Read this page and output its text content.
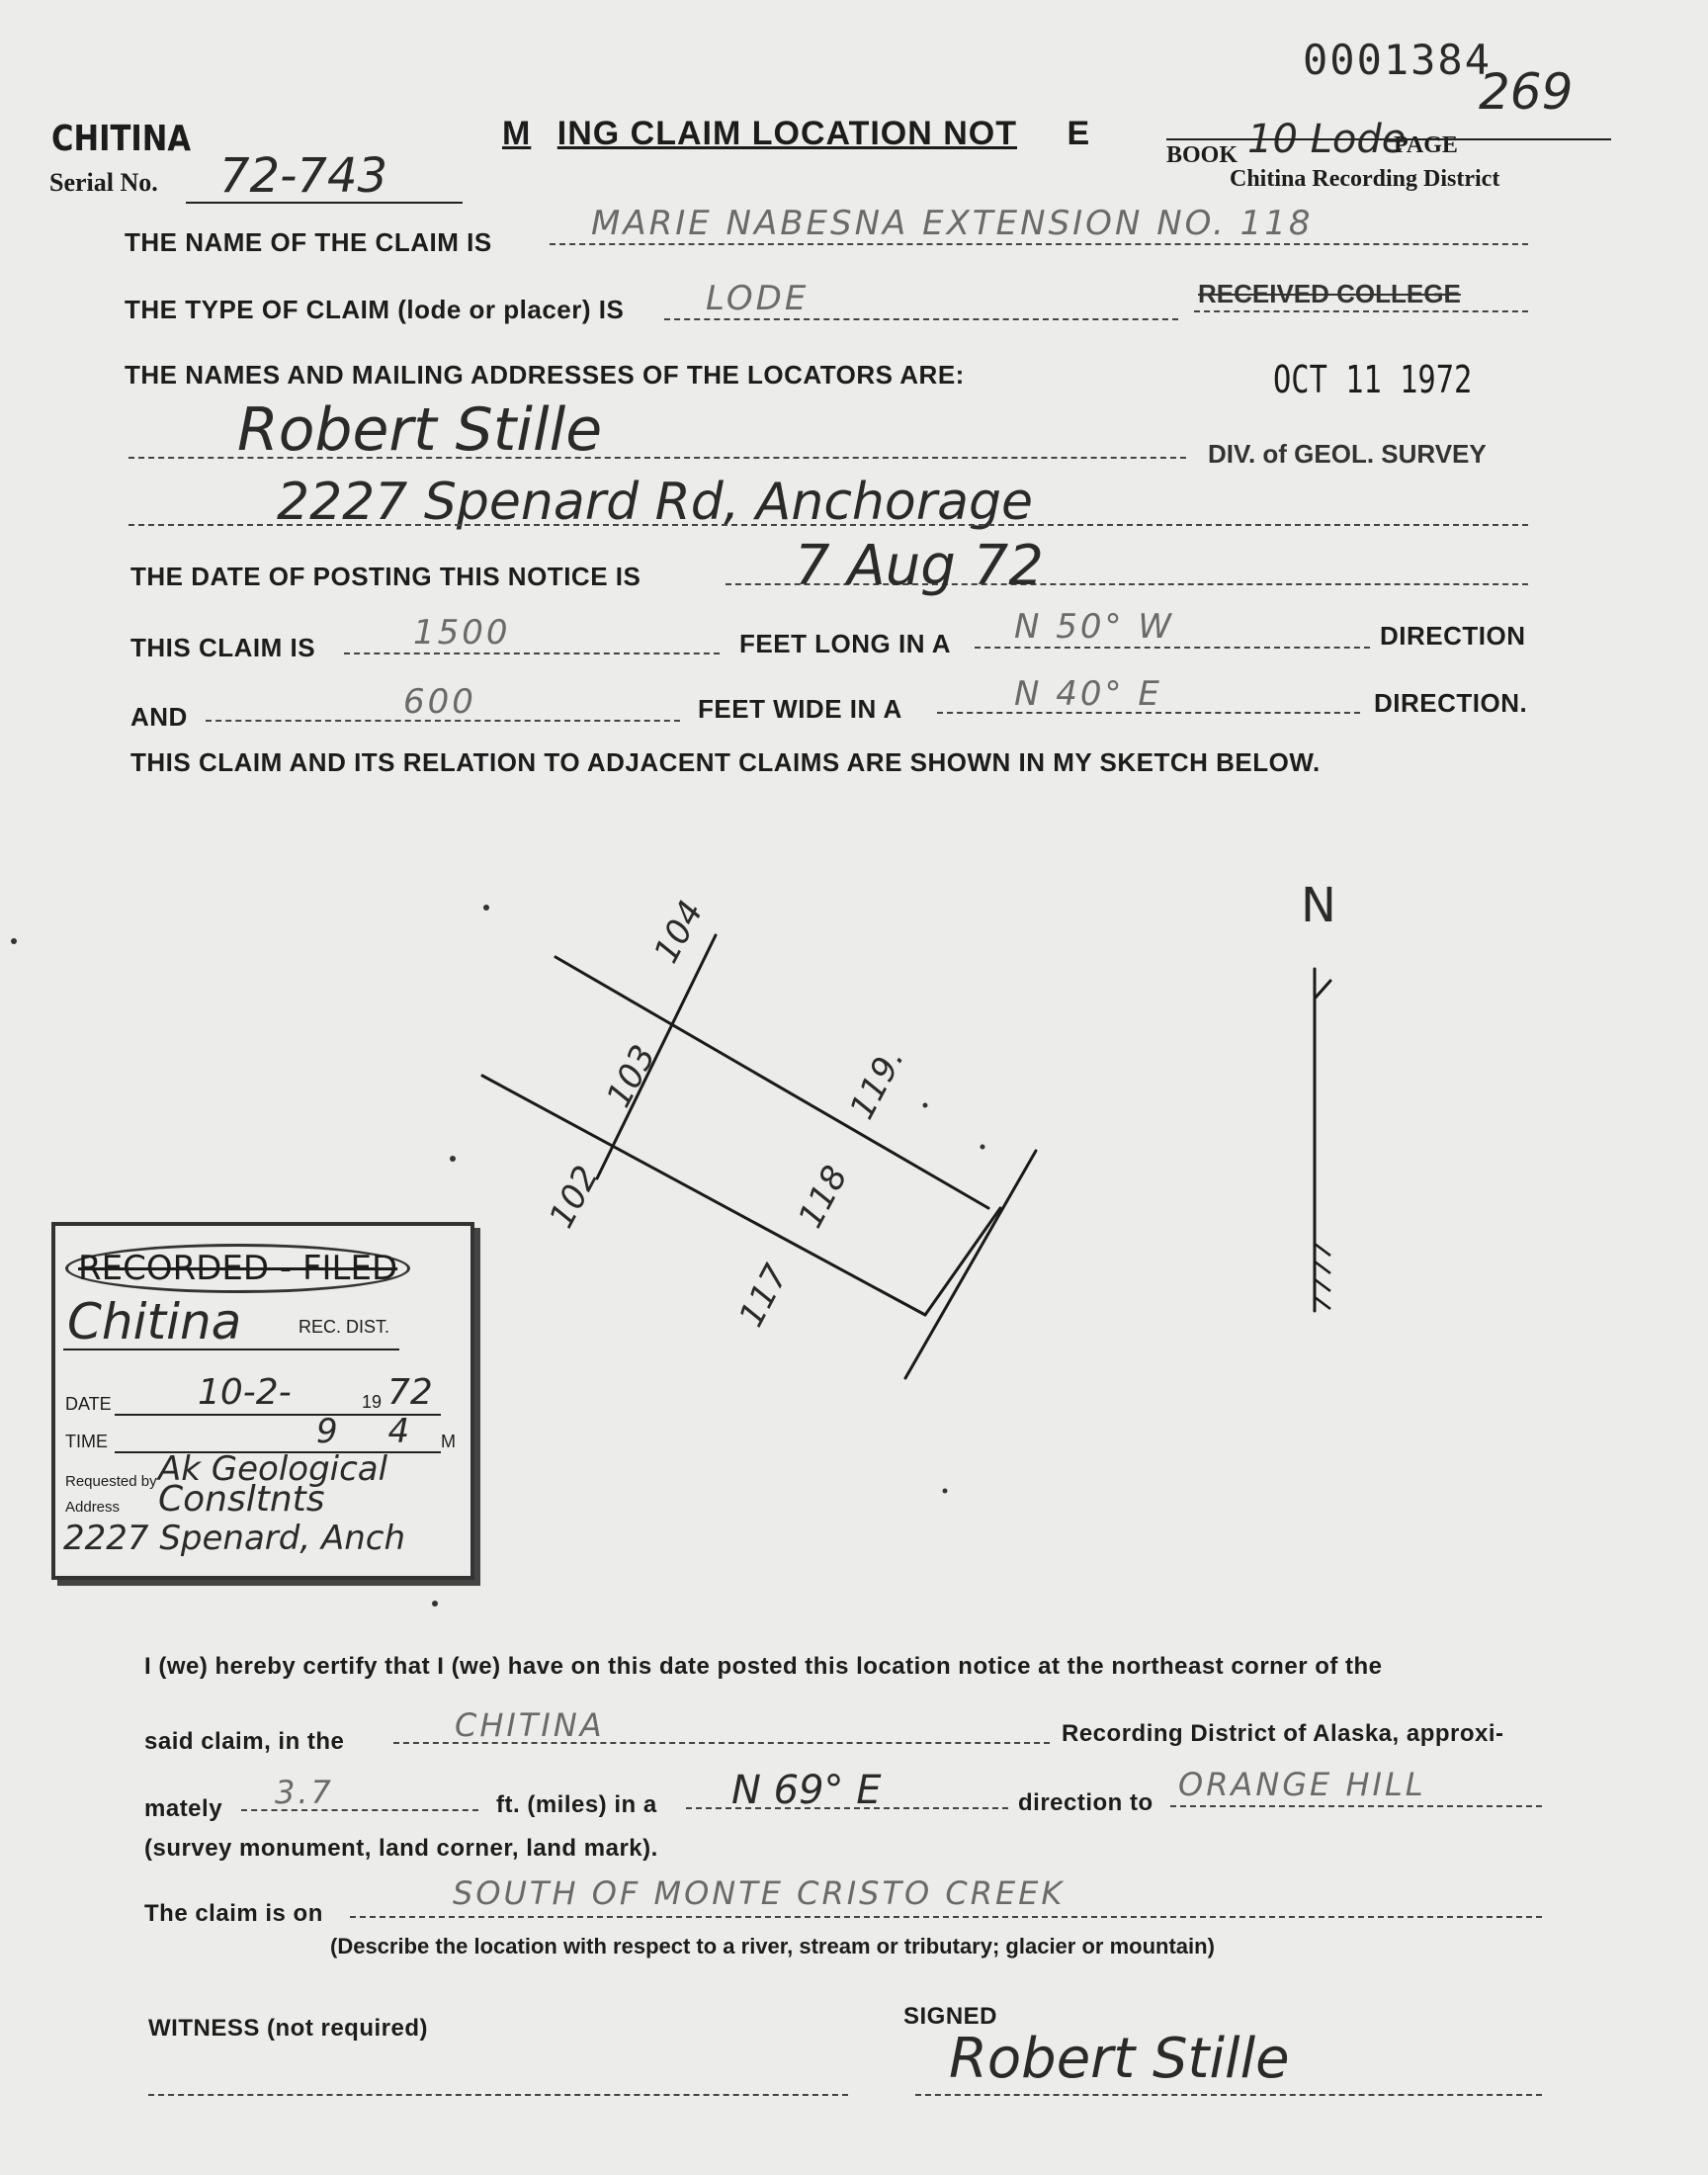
0001384
269
CHITINA
Serial No. 72-743
M ING CLAIM LOCATION NOT E
BOOK 10 Lode
PAGE
Chitina Recording District
THE NAME OF THE CLAIM IS	MARIE NABESNA EXTENSION NO. 118
THE TYPE OF CLAIM (lode or placer) IS LODE	RECEIVED COLLEGE
THE NAMES AND MAILING ADDRESSES OF THE LOCATORS ARE:	OCT 11 1972
Robert Stille	DIV. of GEOL. SURVEY
2227 Spenard Rd, Anchorage
THE DATE OF POSTING THIS NOTICE IS	7 Aug 72
THIS CLAIM IS	1500	FEET LONG IN A N 50° W	DIRECTION
AND	600	FEET WIDE IN A	N 40° E	DIRECTION.
THIS CLAIM AND ITS RELATION TO ADJACENT CLAIMS ARE SHOWN IN MY SKETCH BELOW.
N
104
103	119.
102	118
117
RECORDED - FILED
Chitina	REC. DIST.
DATE 10-2-	19 72
TIME	9 4 M
Requested by Ak Geological
Address Consltnts
2227 Spenard, Anch
I (we) hereby certify that I (we) have on this date posted this location notice at the northeast corner of the
said claim, in the	CHITINA	Recording District of Alaska, approxi-
mately 3.7	ft. (miles) in a N 69° E	direction to ORANGE HILL
(survey monument, land corner, land mark).
The claim is on
SOUTH OF MONTE CRISTO CREEK
(Describe the location with respect to a river, stream or tributary; glacier or mountain)
WITNESS (not required)	SIGNED
Robert Stille
